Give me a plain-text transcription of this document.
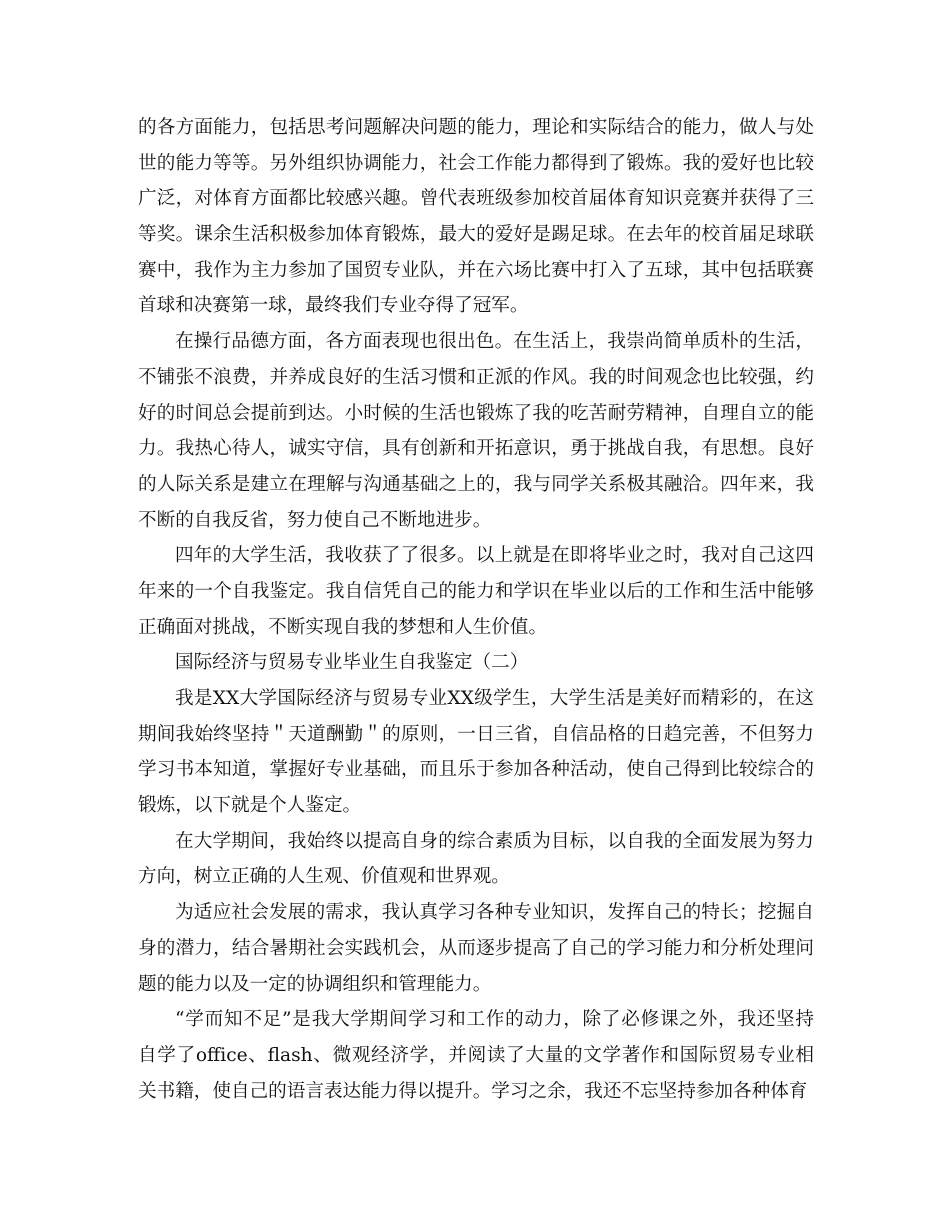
的各方面能力，包括思考问题解决问题的能力，理论和实际结合的能力，做人与处
世的能力等等。另外组织协调能力，社会工作能力都得到了锻炼。我的爱好也比较
广泛，对体育方面都比较感兴趣。曾代表班级参加校首届体育知识竞赛并获得了三
等奖。课余生活积极参加体育锻炼，最大的爱好是踢足球。在去年的校首届足球联
赛中，我作为主力参加了国贸专业队，并在六场比赛中打入了五球，其中包括联赛
首球和决赛第一球，最终我们专业夺得了冠军。
在操行品德方面，各方面表现也很出色。在生活上，我崇尚简单质朴的生活，
不铺张不浪费，并养成良好的生活习惯和正派的作风。我的时间观念也比较强，约
好的时间总会提前到达。小时候的生活也锻炼了我的吃苦耐劳精神，自理自立的能
力。我热心待人，诚实守信，具有创新和开拓意识，勇于挑战自我，有思想。良好
的人际关系是建立在理解与沟通基础之上的，我与同学关系极其融洽。四年来，我
不断的自我反省，努力使自己不断地进步。
四年的大学生活，我收获了了很多。以上就是在即将毕业之时，我对自己这四
年来的一个自我鉴定。我自信凭自己的能力和学识在毕业以后的工作和生活中能够
正确面对挑战，不断实现自我的梦想和人生价值。
国际经济与贸易专业毕业生自我鉴定（二）
我是XX大学国际经济与贸易专业XX级学生，大学生活是美好而精彩的，在这
期间我始终坚持＂天道酬勤＂的原则，一日三省，自信品格的日趋完善，不但努力
学习书本知道，掌握好专业基础，而且乐于参加各种活动，使自己得到比较综合的
锻炼，以下就是个人鉴定。
在大学期间，我始终以提高自身的综合素质为目标，以自我的全面发展为努力
方向，树立正确的人生观、价值观和世界观。
为适应社会发展的需求，我认真学习各种专业知识，发挥自己的特长；挖掘自
身的潜力，结合暑期社会实践机会，从而逐步提高了自己的学习能力和分析处理问
题的能力以及一定的协调组织和管理能力。
“学而知不足”是我大学期间学习和工作的动力，除了必修课之外，我还坚持
自学了office、flash、微观经济学，并阅读了大量的文学著作和国际贸易专业相
关书籍，使自己的语言表达能力得以提升。学习之余，我还不忘坚持参加各种体育
